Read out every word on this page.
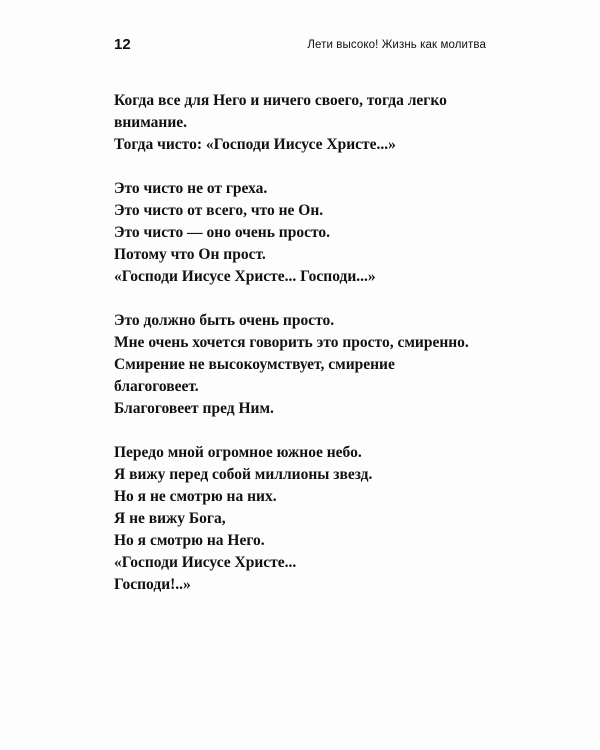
12	Лети высоко! Жизнь как молитва
Когда все для Него и ничего своего, тогда легко
внимание.
Тогда чисто: «Господи Иисусе Христе...»
Это чисто не от греха.
Это чисто от всего, что не Он.
Это чисто — оно очень просто.
Потому что Он прост.
«Господи Иисусе Христе... Господи...»
Это должно быть очень просто.
Мне очень хочется говорить это просто, смиренно.
Смирение не высокоумствует, смирение
благоговеет.
Благоговеет пред Ним.
Передо мной огромное южное небо.
Я вижу перед собой миллионы звезд.
Но я не смотрю на них.
Я не вижу Бога,
Но я смотрю на Него.
«Господи Иисусе Христе...
Господи!..»
